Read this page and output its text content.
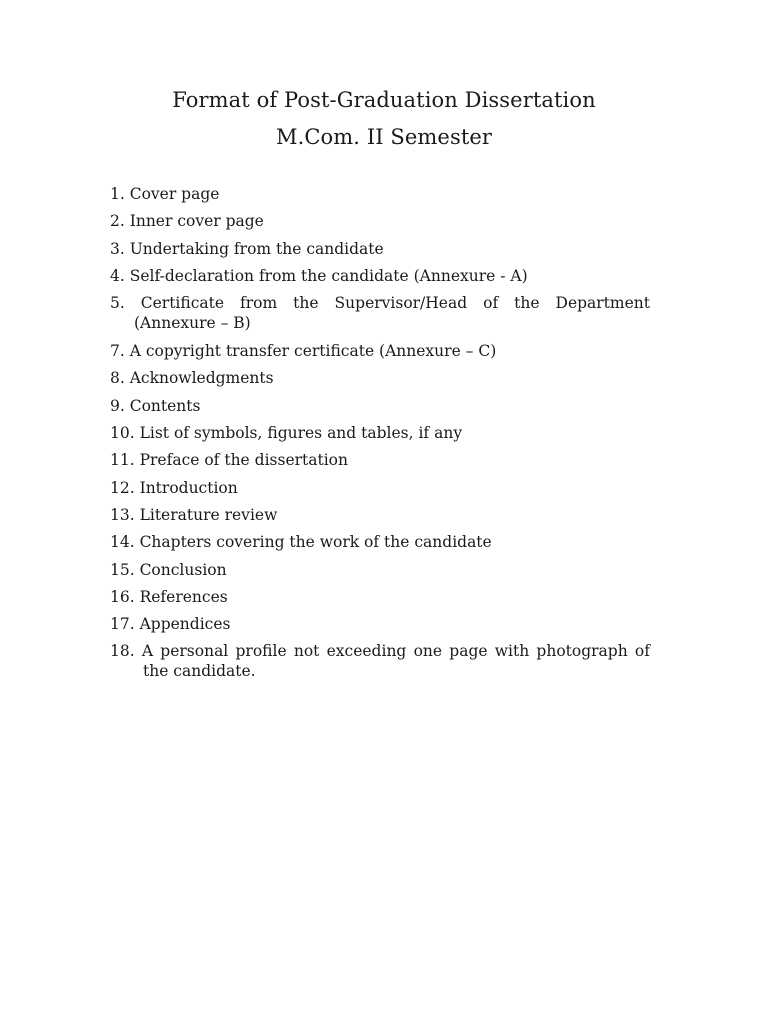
Format of Post-Graduation Dissertation
M.Com. II Semester
1. Cover page
2. Inner cover page
3. Undertaking from the candidate
4. Self-declaration from the candidate (Annexure - A)
5. Certificate from the Supervisor/Head of the Department
(Annexure – B)
7. A copyright transfer certificate (Annexure – C)
8. Acknowledgments
9. Contents
10. List of symbols, figures and tables, if any
11. Preface of the dissertation
12. Introduction
13. Literature review
14. Chapters covering the work of the candidate
15. Conclusion
16. References
17. Appendices
18. A personal profile not exceeding one page with photograph of
the candidate.
